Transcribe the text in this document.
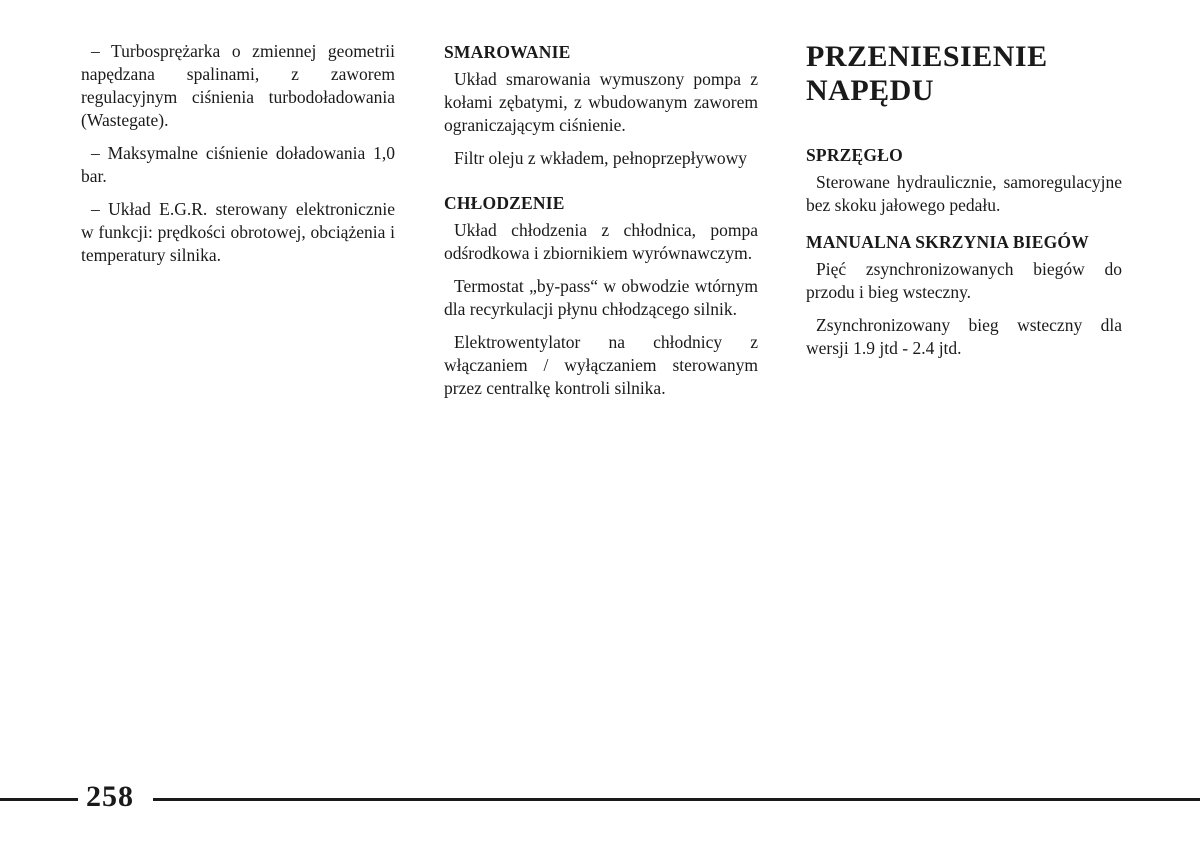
– Turbosprężarka o zmiennej geometrii napędzana spalinami, z zaworem regulacyjnym ciśnienia turbodoładowania (Wastegate).

– Maksymalne ciśnienie doładowania 1,0 bar.

– Układ E.G.R. sterowany elektronicznie w funkcji: prędkości obrotowej, obciążenia i temperatury silnika.

SMAROWANIE

Układ smarowania wymuszony pompa z kołami zębatymi, z wbudowanym zaworem ograniczającym ciśnienie.

Filtr oleju z wkładem, pełnoprzepływowy

CHŁODZENIE

Układ chłodzenia z chłodnica, pompa odśrodkowa i zbiornikiem wyrównawczym.

Termostat „by-pass“ w obwodzie wtórnym dla recyrkulacji płynu chłodzącego silnik.

Elektrowentylator na chłodnicy z włączaniem / wyłączaniem sterowanym przez centralkę kontroli silnika.

PRZENIESIENIE
NAPĘDU
SPRZĘGŁO

Sterowane hydraulicznie, samoregulacyjne bez skoku jałowego pedału.

MANUALNA SKRZYNIA BIEGÓW

Pięć zsynchronizowanych biegów do przodu i bieg wsteczny.

Zsynchronizowany bieg wsteczny dla wersji 1.9 jtd - 2.4 jtd.

258
